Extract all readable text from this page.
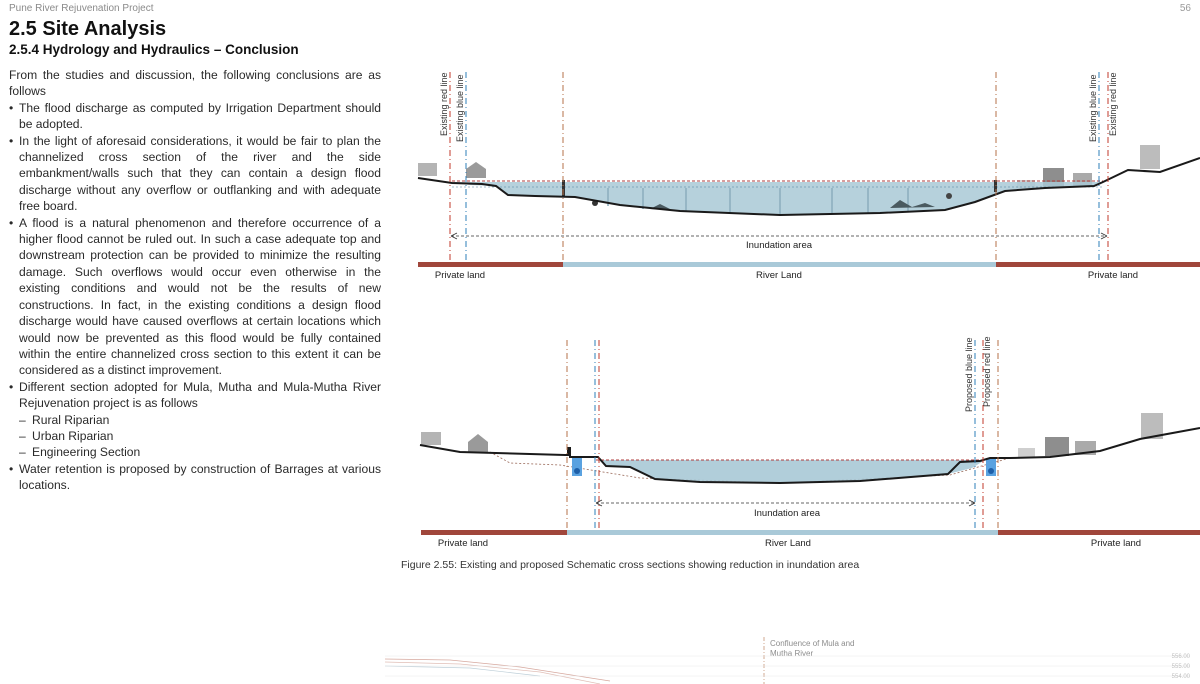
Pune River Rejuvenation Project	56
2.5 Site Analysis
2.5.4 Hydrology and Hydraulics – Conclusion

From the studies and discussion, the following conclusions are as follows

• The flood discharge as computed by Irrigation Department should be adopted.
• In the light of aforesaid considerations, it would be fair to plan the channelized cross section of the river and the side embankment/walls such that they can contain a design flood discharge without any overflow or outflanking and with adequate free board.
• A flood is a natural phenomenon and therefore occurrence of a higher flood cannot be ruled out. In such a case adequate top and downstream protection can be provided to minimize the resulting damage. Such overflows would occur even otherwise in the existing conditions and would not be the results of new constructions. In fact, in the existing conditions a design flood discharge would have caused overflows at certain locations which would now be prevented as this flood would be fully contained within the entire channelized cross section to this extent it can be considered as a distinct improvement.
• Different section adopted for Mula, Mutha and Mula-Mutha River Rejuvenation project is as follows
– Rural Riparian
– Urban Riparian
– Engineering Section
• Water retention is proposed by construction of Barrages at various locations.
Existing red line Existing blue line	Existing blue line Existing red line
Inundation area
Private land	River Land	Private land
Proposed blue line Proposed red line
Inundation area
Private land	River Land	Private land
Confluence of Mula and
Mutha River	556.00
555.00
554.00
Figure 2.55: Existing and proposed Schematic cross sections showing reduction in inundation area
